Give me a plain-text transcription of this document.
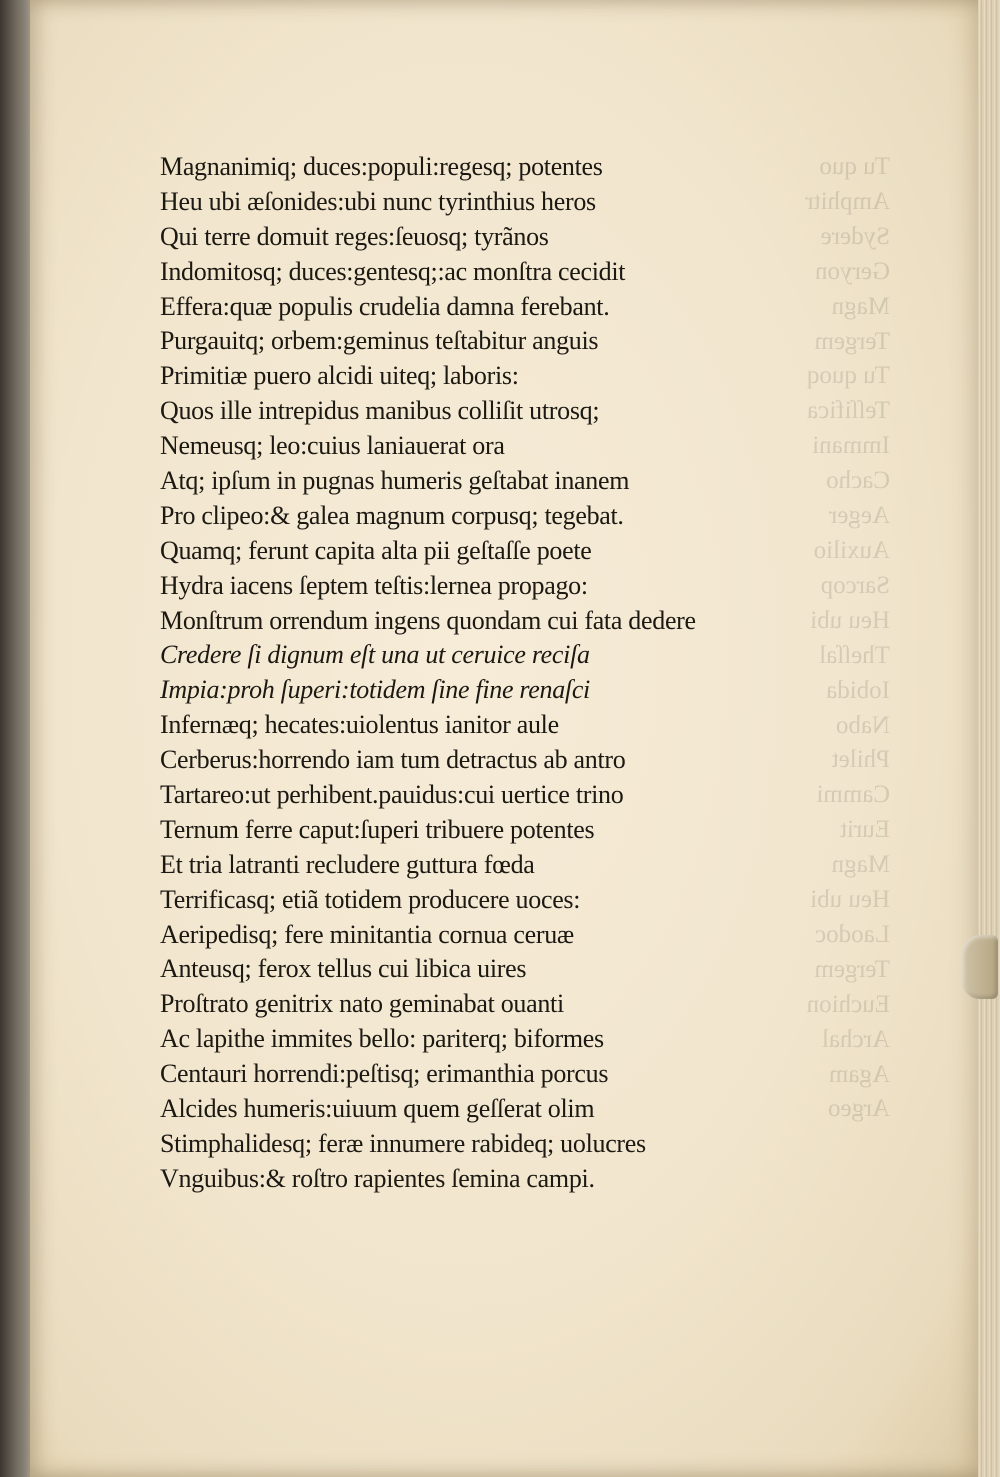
Tu quo
Amphitr
Sydere
Geryon
Magn
Tergem
Tu quoq
Teſſifica
Immani
Cacho
Aeger
Auxilio
Sarcop
Heu ubi
Theſſal
Iobida
Nabo
Philet
Cammi
Eurit
Magn
Heu ubi
Laodoc
Tergem
Euchion
Archal
Agam
Argeo
Magnanimiq; duces:populi:regesq; potentes
Heu ubi æſonides:ubi nunc tyrinthius heros
Qui terre domuit reges:ſeuosq; tyrãnos
Indomitosq; duces:gentesq;:ac monſtra cecidit
Effera:quæ populis crudelia damna ferebant.
Purgauitq; orbem:geminus teſtabitur anguis
Primitiæ puero alcidi uiteq; laboris:
Quos ille intrepidus manibus colliſit utrosq;
Nemeusq; leo:cuius laniauerat ora
Atq; ipſum in pugnas humeris geſtabat inanem
Pro clipeo:& galea magnum corpusq; tegebat.
Quamq; ferunt capita alta pii geſtaſſe poete
Hydra iacens ſeptem teſtis:lernea propago:
Monſtrum orrendum ingens quondam cui fata dedere
Credere ſi dignum eſt una ut ceruice reciſa
Impia:proh ſuperi:totidem ſine fine renaſci
Infernæq; hecates:uiolentus ianitor aule
Cerberus:horrendo iam tum detractus ab antro
Tartareo:ut perhibent.pauidus:cui uertice trino
Ternum ferre caput:ſuperi tribuere potentes
Et tria latranti recludere guttura fœda
Terrificasq; etiã totidem producere uoces:
Aeripedisq; fere minitantia cornua ceruæ
Anteusq; ferox tellus cui libica uires
Proſtrato genitrix nato geminabat ouanti
Ac lapithe immites bello: pariterq; biformes
Centauri horrendi:peſtisq; erimanthia porcus
Alcides humeris:uiuum quem geſſerat olim
Stimphalidesq; feræ innumere rabideq; uolucres
Vnguibus:& roſtro rapientes ſemina campi.
